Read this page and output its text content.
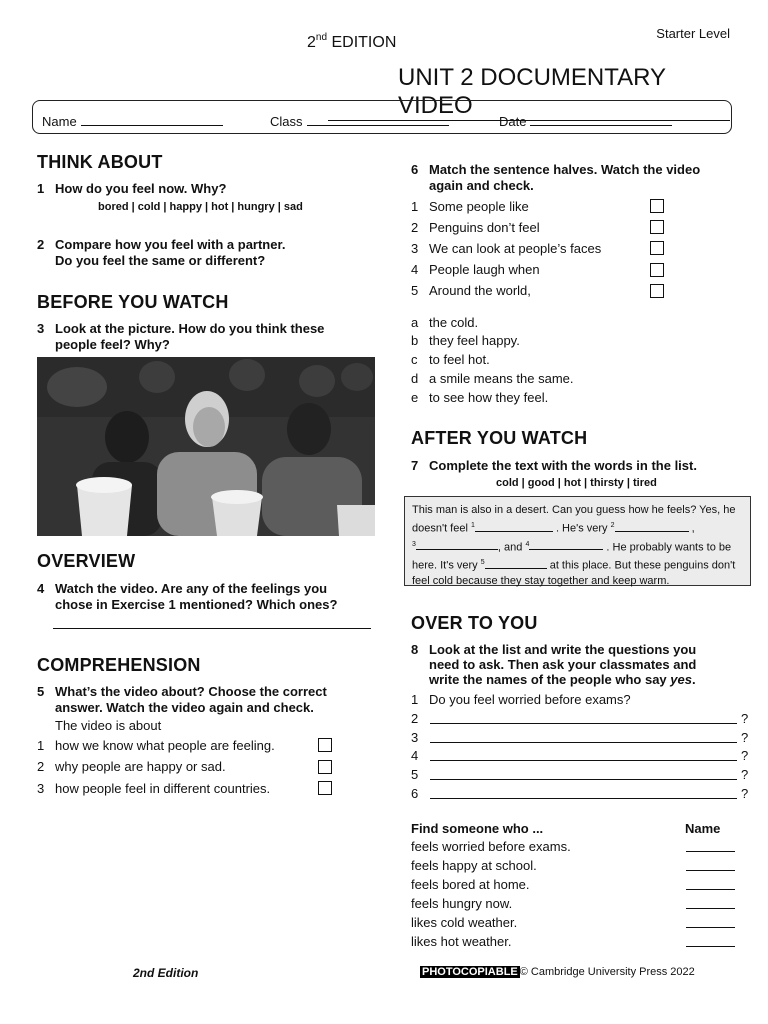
Starter Level
2nd EDITION
UNIT 2 DOCUMENTARY VIDEO
Name	Class	Date
THINK ABOUT
1 How do you feel now. Why?
bored | cold | happy | hot | hungry | sad
2 Compare how you feel with a partner.
Do you feel the same or different?
BEFORE YOU WATCH
3 Look at the picture. How do you think these
people feel? Why?
OVERVIEW
4 Watch the video. Are any of the feelings you
chose in Exercise 1 mentioned? Which ones?
COMPREHENSION
5 What’s the video about? Choose the correct
answer. Watch the video again and check.
The video is about
1 how we know what people are feeling.
2 why people are happy or sad.
3 how people feel in different countries.
6 Match the sentence halves. Watch the video
again and check.
1 Some people like
2 Penguins don’t feel
3 We can look at people’s faces
4 People laugh when
5 Around the world,
a the cold.
b they feel happy.
c to feel hot.
d a smile means the same.
e to see how they feel.
AFTER YOU WATCH
7 Complete the text with the words in the list.
cold | good | hot | thirsty | tired
This man is also in a desert. Can you guess how he feels? Yes, he doesn't feel $^1$	. He's very $^2$	,
$^3$	, and $^4$	. He probably wants to be here. It's very $^5$	at this place. But these penguins don't feel cold because they stay together and keep warm.
OVER TO YOU
8 Look at the list and write the questions you
need to ask. Then ask your classmates and
write the names of the people who say yes.
1 Do you feel worried before exams?
2	?
3	?
4	?
5	?
6	?
Find someone who ...	Name
feels worried before exams.
feels happy at school.
feels bored at home.
feels hungry now.
likes cold weather.
likes hot weather.
2nd Edition	PHOTOCOPIABLE © Cambridge University Press 2022
